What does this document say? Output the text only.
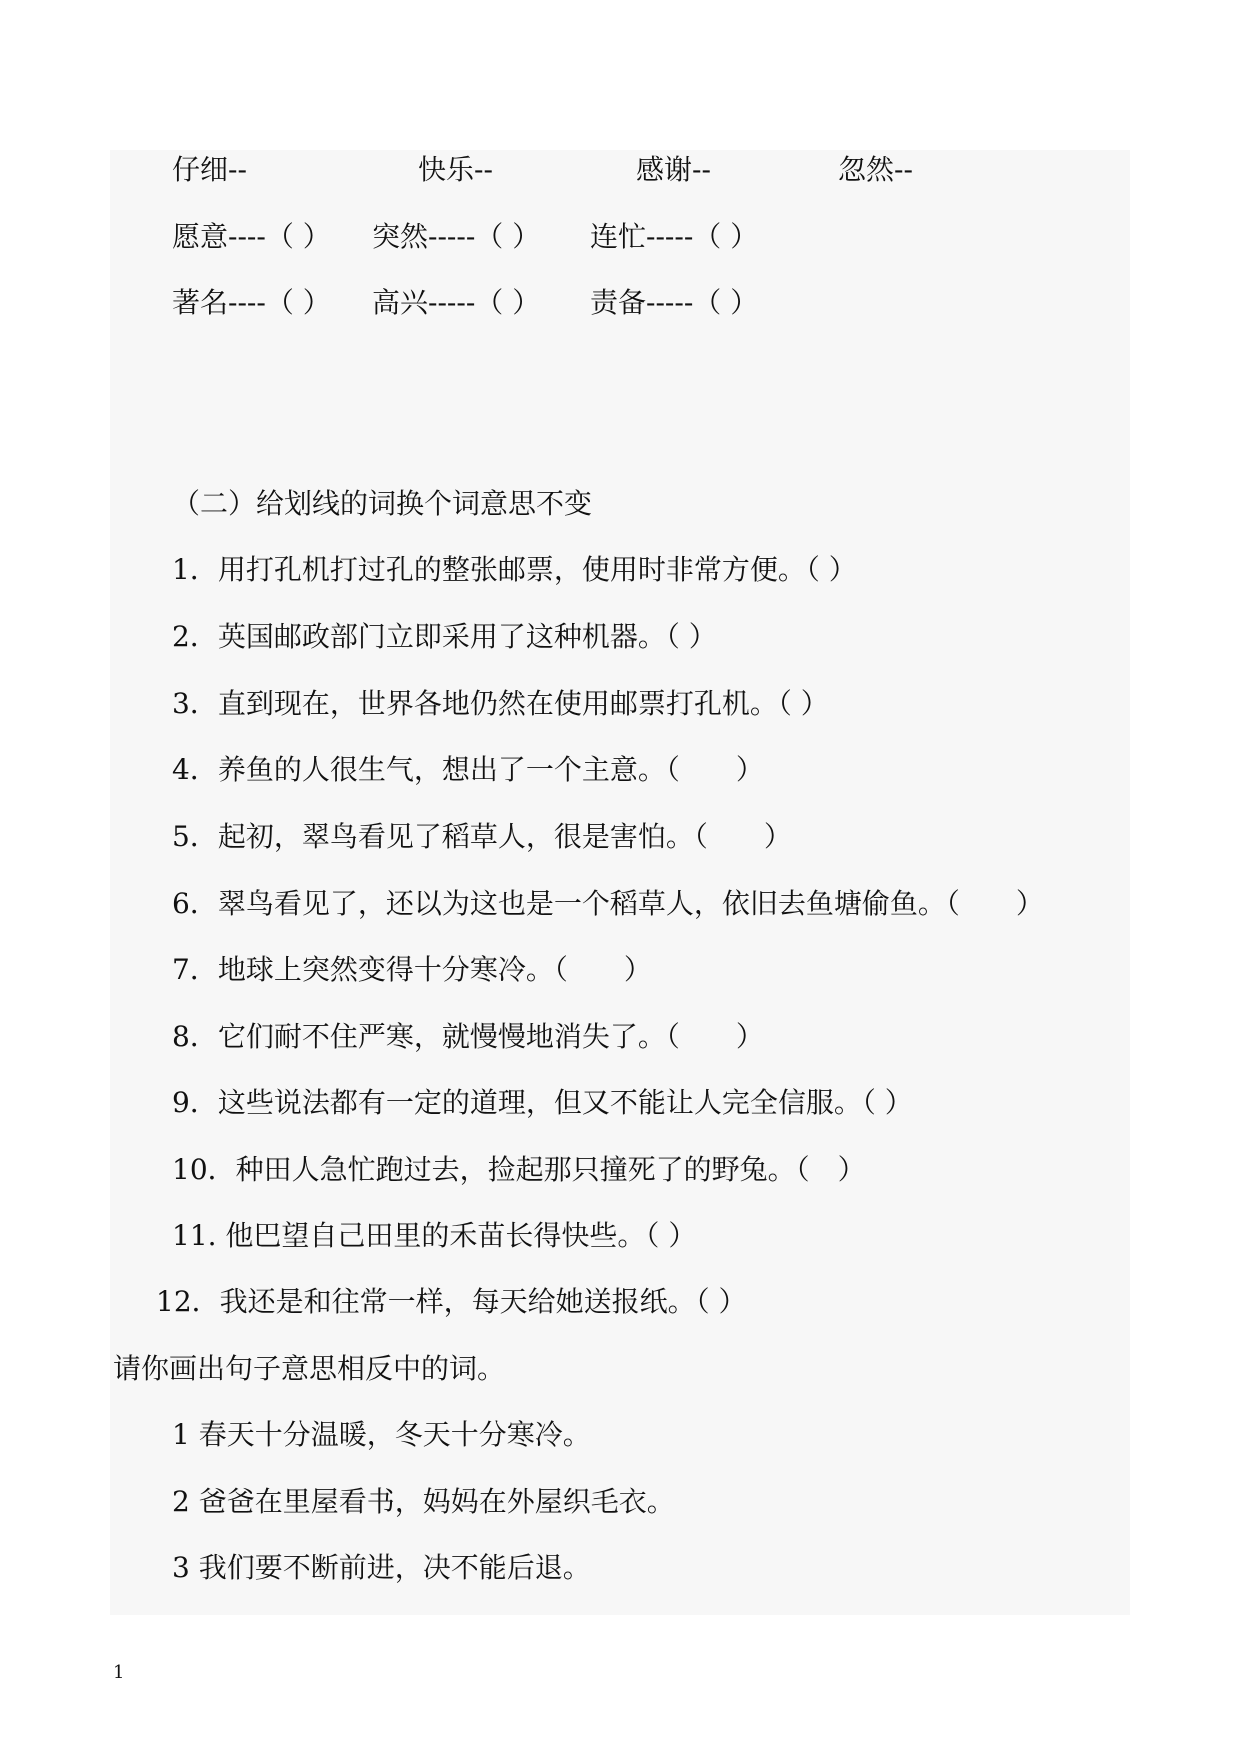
仔细--	快乐--	感谢--	忽然--
愿意----（ ） 突然-----（ ） 连忙-----（ ）
著名----（ ） 高兴-----（ ） 责备-----（ ）
（二）给划线的词换个词意思不变
1．用打孔机打过孔的整张邮票，使用时非常方便。（ ）
2．英国邮政部门立即采用了这种机器。（ ）
3．直到现在，世界各地仍然在使用邮票打孔机。（ ）
4．养鱼的人很生气，想出了一个主意。（　　）
5．起初，翠鸟看见了稻草人，很是害怕。（　　）
6．翠鸟看见了，还以为这也是一个稻草人，依旧去鱼塘偷鱼。（　　）
7．地球上突然变得十分寒冷。（　　）
8．它们耐不住严寒，就慢慢地消失了。（　　）
9．这些说法都有一定的道理，但又不能让人完全信服。（ ）
10．种田人急忙跑过去，捡起那只撞死了的野兔。（　）
11. 他巴望自己田里的禾苗长得快些。（ ）
12．我还是和往常一样，每天给她送报纸。（ ）
请你画出句子意思相反中的词。
1 春天十分温暖，冬天十分寒冷。
2 爸爸在里屋看书，妈妈在外屋织毛衣。
3 我们要不断前进，决不能后退。
1
